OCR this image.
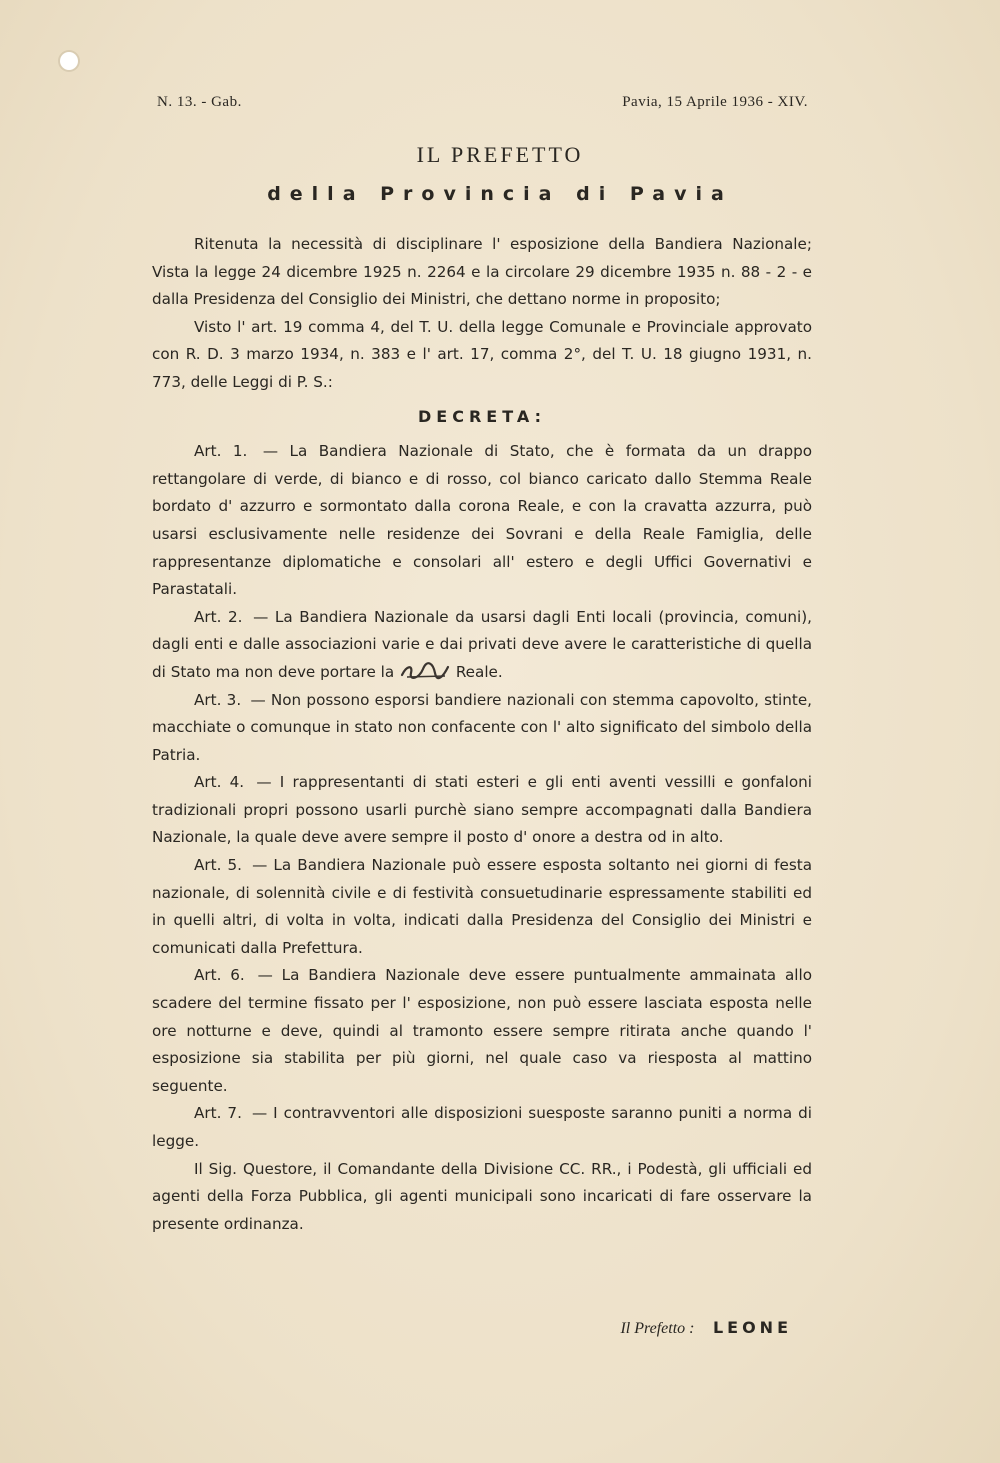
N. 13. - Gab.	Pavia, 15 Aprile 1936 - XIV.
IL PREFETTO
della Provincia di Pavia

Ritenuta la necessità di disciplinare l' esposizione della Bandiera Nazionale; Vista la legge 24 dicembre 1925 n. 2264 e la circolare 29 dicembre 1935 n. 88 - 2 - e dalla Presidenza del Consiglio dei Ministri, che dettano norme in proposito;

Visto l' art. 19 comma 4, del T. U. della legge Comunale e Provinciale approvato con R. D. 3 marzo 1934, n. 383 e l' art. 17, comma 2°, del T. U. 18 giugno 1931, n. 773, delle Leggi di P. S.:

DECRETA:

Art. 1. — La Bandiera Nazionale di Stato, che è formata da un drappo rettangolare di verde, di bianco e di rosso, col bianco caricato dallo Stemma Reale bordato d' azzurro e sormontato dalla corona Reale, e con la cravatta azzurra, può usarsi esclusivamente nelle residenze dei Sovrani e della Reale Famiglia, delle rappresentanze diplomatiche e consolari all' estero e degli Uffici Governativi e Parastatali.

Art. 2. — La Bandiera Nazionale da usarsi dagli Enti locali (provincia, comuni), dagli enti e dalle associazioni varie e dai privati deve avere le caratteristiche di quella di Stato ma non deve portare la	Reale.

Art. 3. — Non possono esporsi bandiere nazionali con stemma capovolto, stinte, macchiate o comunque in stato non confacente con l' alto significato del simbolo della Patria.

Art. 4. — I rappresentanti di stati esteri e gli enti aventi vessilli e gonfaloni tradizionali propri possono usarli purchè siano sempre accompagnati dalla Bandiera Nazionale, la quale deve avere sempre il posto d' onore a destra od in alto.

Art. 5. — La Bandiera Nazionale può essere esposta soltanto nei giorni di festa nazionale, di solennità civile e di festività consuetudinarie espressamente stabiliti ed in quelli altri, di volta in volta, indicati dalla Presidenza del Consiglio dei Ministri e comunicati dalla Prefettura.

Art. 6. — La Bandiera Nazionale deve essere puntualmente ammainata allo scadere del termine fissato per l' esposizione, non può essere lasciata esposta nelle ore notturne e deve, quindi al tramonto essere sempre ritirata anche quando l' esposizione sia stabilita per più giorni, nel quale caso va riesposta al mattino seguente.

Art. 7. — I contravventori alle disposizioni suesposte saranno puniti a norma di legge.

Il Sig. Questore, il Comandante della Divisione CC. RR., i Podestà, gli ufficiali ed agenti della Forza Pubblica, gli agenti municipali sono incaricati di fare osservare la presente ordinanza.

Il Prefetto : LEONE
